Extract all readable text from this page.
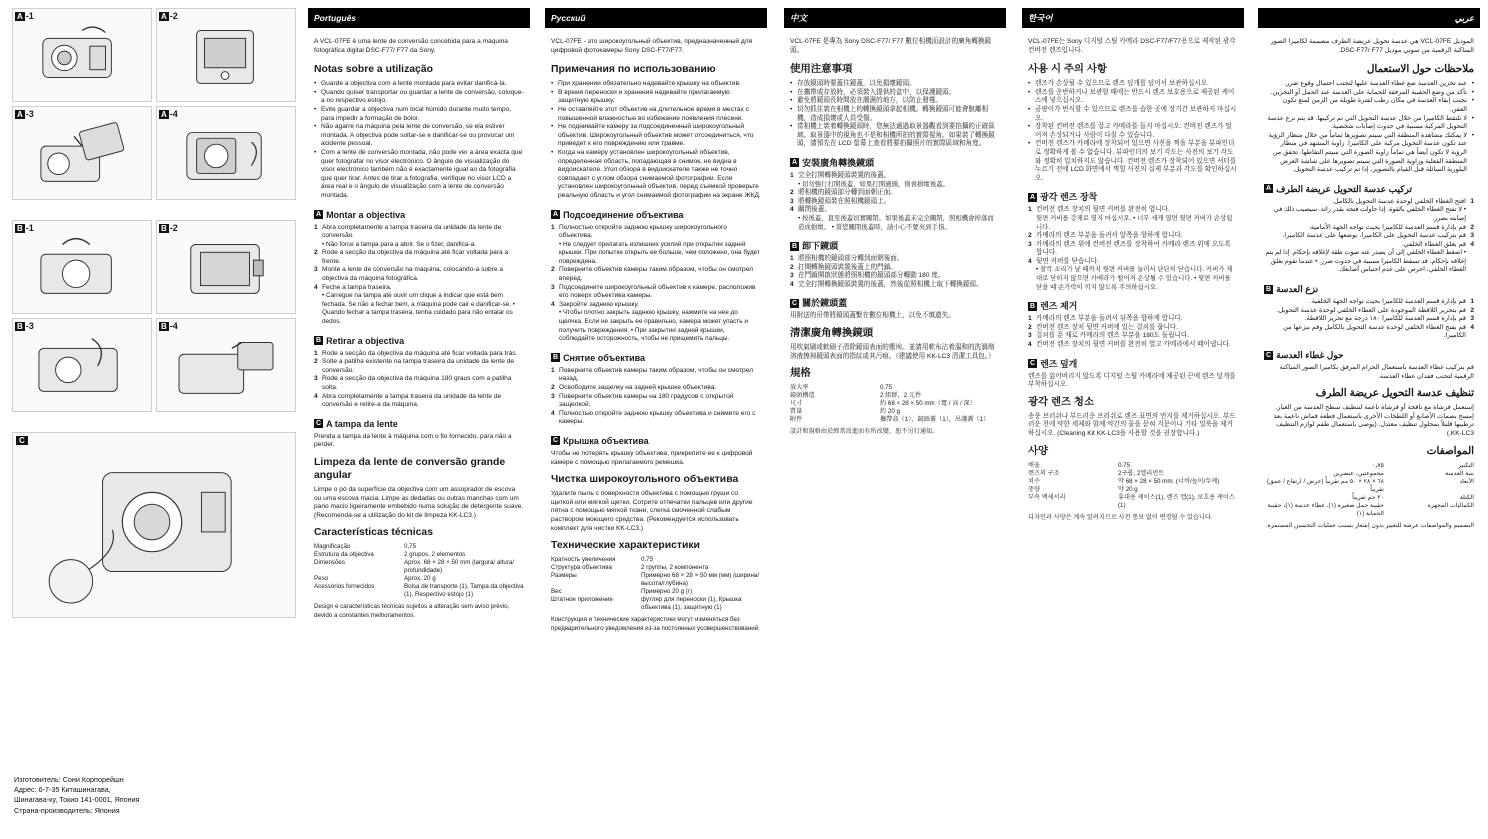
A -1	A -2
A -3	A -4
B -1	B -2
B -3	B -4
C
Изготовитель: Сони Корпорейшн
Адрес: 6-7-35 Киташинагава,
Шинагава-ку, Токио 141-0001, Япония
Страна-производитель: Япония
Português

A VCL-07FE é uma lente de conversão concebida para a máquina fotográfica digital DSC-F77/ F77 da Sony.

Notas sobre a utilização
• Guarde a objectiva com a lente montada para evitar danificá-la.
• Quando quiser transportar ou guardar a lente de conversão, coloque-a no respectivo estojo.
• Evite guardar a objectiva num local húmido durante muito tempo, para impedir a formação de bolor.
• Não agarre na máquina pela lente de conversão, se ela estiver montada. A objectiva pode soltar-se e danificar-se ou provocar um acidente pessoal.
• Com a lente de conversão montada, não pode ver a área exacta que quer fotografar no visor electrónico. O ângulo de visualização do visor electrónico também não é exactamente igual ao da fotografia que quer tirar. Antes de tirar a fotografia, verifique no visor LCD a área real e o ângulo de visualização com a lente de conversão montada.
A Montar a objectiva
1 Abra completamente a tampa traseira da unidade da lente de conversão.
• Não force a tampa para a abrir. Se o fizer, danifica-a.
2 Rode a secção da objectiva da máquina até ficar voltada para a frente.
3 Monte a lente de conversão na máquina, colocando-a sobre a objectiva da máquina fotográfica.
4 Feche a tampa traseira.
• Carregue na tampa até ouvir um clique a indicar que está bem fechada. Se não a fechar bem, a máquina pode cair e danificar-se. • Quando fechar a tampa traseira, tenha cuidado para não entalar os dedos.
B Retirar a objectiva
1 Rode a secção da objectiva da máquina até ficar voltada para trás.
2 Solte a patilha existente na tampa traseira da unidade da lente de conversão.
3 Rode a secção da objectiva da máquina 180 graus com a patilha solta.
4 Abra completamente a tampa traseira da unidade da lente de conversão e retire-a da máquina.
C A tampa da lente

Prenda a tampa da lente à máquina com o fio fornecido, para não a perder.

Limpeza da lente de conversão grande angular

Limpe o pó da superfície da objectiva com um assoprador de escova ou uma escova macia. Limpe as dedadas ou outras manchas com um pano macio ligeiramente embebido numa solução de detergente suave. (Recomenda-se a utilização do kit de limpeza KK-LC3.)

Características técnicas
Magnificação	0,75
Estrutura da objectiva	2 grupos, 2 elementos
Dimensões	Aprox. 68 × 28 × 50 mm (largura/ altura/ profundidade)
Peso	Aprox. 20 g
Acessórios fornecidos	Bolsa de transporte (1), Tampa da objectiva (1), Respectivo estojo (1)

Design e características técnicas sujeitos a alteração sem aviso prévio, devido a constantes melhoramentos.

Русский

VCL-07FE - это широкоугольный объектив, предназначенный для цифровой фотокамеры Sony DSC-F77/F77.

Примечания по использованию
• При хранении обязательно надевайте крышку на объектив.
• В время переноски и хранения надевайте прилагаемую защитную крышку.
• Не оставляйте этот объектив на длительное время в местах с повышенной влажностью во избежание появления плесени.
• Не поднимайте камеру за подсоединенный широкоугольный объектив. Широкоугольный объектив может отсоединиться, что приведет к его повреждению или травме.
• Когда на камеру установлен широкоугольный объектив, определенная область, попадающая в снимок, не видна в видоискателе. Угол обзора в видоискателе также не точно совпадает с углом обзора снимаемой фотографии. Если установлен широкоугольный объектив, перед съемкой проверьте реальную область и угол снимаемой фотографии на экране ЖКД.
A Подсоединение объектива
1 Полностью откройте заднюю крышку широкоугольного объектива.
• Не следует прилагать излишних усилий при открытии задней крышки. При попытке открыть ее больше, чем положено, она будет повреждена.
2 Поверните объектив камеры таким образом, чтобы он смотрел вперед.
3 Подсоедините широкоугольный объектив к камере, расположив его поверх объектива камеры.
4 Закройте заднюю крышку.
• Чтобы плотно закрыть заднюю крышку, нажмите на нее до щелчка. Если не закрыть ее правильно, камера может упасть и получить повреждения. • При закрытии задней крышки, соблюдайте осторожность, чтобы не прищемить пальцы.
B Снятие объектива
1 Поверните объектив камеры таким образом, чтобы он смотрел назад.
2 Освободите защелку на задней крышке объектива.
3 Поверните объектив камеры на 180 градусов с открытой защелкой.
4 Полностью откройте заднюю крышку объектива и снимите его с камеры.
C Крышка объектива

Чтобы не потерять крышку объектива, прикрепите ее к цифровой камере с помощью прилагаемого ремешка.

Чистка широкоугольного объектива

Удалите пыль с поверхности объектива с помощью груши со щеткой или мягкой щетки. Сотрите отпечатки пальцев или другие пятна с помощью мягкой ткани, слегка смоченной слабым раствором моющего средства. (Рекомендуется использовать комплект для чистки KK-LC3.)

Технические характеристики
Кратность увеличения	0,75
Структура объектива	2 группы, 2 компонента
Размеры	Примерно 68 × 28 × 50 мм (мм) (ширина/высота/глубина)
Вес	Примерно 20 g (г)
Штатное приложение	футляр для переноски (1), Крышка объектива (1), защитную (1)

Конструкция и технические характеристики могут изменяться без предварительного уведомления из-за постоянных усовершенствований.

中文

VCL-07FE 是專為 Sony DSC-F77/ F77 數位相機而設計的廣角轉換鏡頭。

使用注意事項
• 存放鏡頭時要蓋住鏡蓋，以免損壞鏡頭。
• 在攜帶或存放時，必須裝入提供的盒中，以保護鏡頭。
• 避免將鏡頭長時間放在潮濕的地方，以防止發霉。
• 切勿抓住裝在相機上的轉換鏡頭拿起相機。轉換鏡頭可能會脫離相機，造成損壞或人員受傷。
• 當相機上裝着轉換鏡頭時，您無法通過取景器觀看到要拍攝的正確區域。取景器中的視角也不是和相機所拍的實際視角。如果裝了轉換鏡頭，請預先在 LCD 螢幕上查看將要拍攝照片的實際區域和角度。
A 安裝廣角轉換鏡頭
1 完全打開轉換鏡頭裝置的後蓋。
• 切勿強行打開後蓋，如果打開過頭，則會損壞後蓋。
2 將相機的鏡頭部分轉到面朝正面。
3 將轉換鏡頭裝在照相機鏡頭上。
4 關閉後蓋。
• 按後蓋，直至後蓋切實關閉。如果後蓋未完全關閉，照相機會掉落而造成損壞。 • 當您關閉後蓋時，請小心不要夾到手指。
B 卸下鏡頭
1 將照相機的鏡頭部分轉到面朝後面。
2 打開轉換鏡頭裝置後蓋上的門鎖。
3 在鬥鎖開啟狀態將照相機的鏡頭部分轉動 180 度。
4 完全打開轉換鏡頭裝置的後蓋，然後從照相機上取下轉換鏡頭。
C 關於鏡頭蓋

用附送的吊帶將鏡頭蓋繫在數位相機上，以免不慎遺失。

清潔廣角轉換鏡頭

用吹氣刷或軟刷子清除鏡頭表面的塵埃。並請用軟布沾着溫和的洗滌劑溶液擦掉鏡頭表面的指紋或其污痕。（建議使用 KK-LC3 清潔工具包。）

規格
放大率	0.75
鏡頭構造	2 組群，2 元件
尺寸	約 68 × 28 × 50 mm（寬 / 高 / 深）
質量	約 20 g
附件	攜帶盒（1），鏡頭蓋（1），吊護蓋（1）

設計和規格由於經常改進而有所改變，恕不另行通知。

한국어

VCL-07FE는 Sony 디지털 스틸 카메라 DSC-F77/F77용으로 제작된 광각 컨버전 렌즈입니다.

사용 시 주의 사항
• 렌즈가 손상될 수 있으므로 렌즈 덮개를 덮어서 보관하십시오.
• 렌즈를 운반하거나 보관할 때에는 반드시 렌즈 보호용으로 제공된 케이스에 넣으십시오.
• 곰팡이가 번식할 수 있으므로 렌즈를 습한 곳에 장기간 보관하지 마십시오.
• 장착된 컨버전 렌즈를 잡고 카메라를 들지 마십시오. 컨버전 렌즈가 떨어져 손상되거나 사람이 다칠 수 있습니다.
• 컨버전 렌즈가 카메라에 장착되어 있으면 사진을 찍을 부분을 뷰파인더로 정확하게 볼 수 없습니다. 뷰파인더의 보기 각도는 사진의 보기 각도와 정확히 일치하지도 않습니다. 컨버전 렌즈가 장착되어 있으면 셔터를 누르기 전에 LCD 화면에서 찍힐 사진의 실제 부분과 각도를 확인하십시오.
A 광각 렌즈 장착
1 컨버전 렌즈 장치의 뒷면 커버를 완전히 엽니다.
뒷면 커버를 강제로 열지 마십시오. • 너무 세게 열면 뒷면 커버가 손상됩니다.
2 카메라의 렌즈 부분을 돌려서 앞쪽을 향하게 합니다.
3 카메라의 렌즈 위에 컨버전 렌즈를 장착하여 카메라 렌즈 위에 오도록 합니다.
4 뒷면 커버를 닫습니다.
• 찰칵 소리가 날 때까지 뒷면 커버를 눌러서 단단히 닫습니다. 커버가 제대로 닫히지 않으면 카메라가 떨어져 손상될 수 있습니다. • 뒷면 커버를 닫을 때 손가락이 끼지 않도록 주의하십시오.
B 렌즈 제거
1 카메라의 렌즈 부분을 돌려서 뒤쪽을 향하게 합니다.
2 컨버전 렌즈 장치 뒷면 커버에 있는 걸쇠를 풉니다.
3 걸쇠를 푼 채로 카메라의 렌즈 부분을 180도 돌립니다.
4 컨버전 렌즈 장치의 뒷면 커버를 완전히 열고 카메라에서 떼어냅니다.
C 렌즈 덮개

렌즈를 잃어버리지 않도록 디지털 스틸 카메라에 제공된 끈에 렌즈 덮개를 부착하십시오.

광각 렌즈 청소

송풍 브러쉬나 부드러운 브러쉬로 렌즈 표면의 먼지를 제거하십시오. 부드러운 천에 약한 세제와 함께 약간의 물을 묻혀 지문이나 기타 얼룩을 제거하십시오. (Cleaning Kit KK-LC3을 사용할 것을 권장합니다.)

사양
배율	0.75
렌즈의 구조	2구룹, 2엘리먼트
치수	약 68 × 28 × 50 mm. (너비/높이/두께)
중량	약 20 g
부속 액세서리	휴대용 케이스(1), 렌즈 캡(1), 보호용 케이스(1)

디자인과 사양은 계속 알려지므로 사전 통보 없이 변경될 수 있습니다.

عربي

الموديل VCL-07FE هي عدسة تحويل عريضة الطرف مصممة لكاميرا الصور الساكنة الرقمية من سوني موديل DSC-F77/ F77.

ملاحظات حول الاستعمال
• عند تخزين العدسة ضع غطاء العدسة عليها لتجنب احتمال وقوع ضرر.
• تأكد من وضع الحقيبة المرفقة للحماية على العدسة عند الحمل أو التخزين.
• تجنب إبقاء العدسة في مكان رطب لفترة طويلة من الزمن لمنع تكون العفن.
• لا تلتقط الكاميرا من خلال عدسة التحويل التي تم تركيبها. قد يتم نزع عدسة التحويل المركبة مسببة في حدوث إصابات شخصية.
• لا يمكنك مشاهدة المنطقة التي سيتم تصويرها تماماً من خلال منظار الرؤية عند تكون عدسة التحويل مركبة على الكاميرا. زاوية المشهد في منظار الرؤية لا تكون أيضاً هي تماماً زاوية الصورة التي سيتم التقاطها. تحقق من المنطقة الفعلية وزاوية الصورة التي سيتم تصويرها على شاشة العرض البلورية السائلة قبل القيام بالتصوير، إذا تم تركيب عدسة التحويل.
A تركيب عدسة التحويل عريضة الطرف
1
افتح الغطاء الخلفي لوحدة عدسة التحويل بالكامل.
• لا تفتح الغطاء الخلفي بالقوة. إذا حاولت فتحه بقدر زائد، سيصيب ذلك في إصابته بضرر.
2
قم بإدارة قسم العدسة للكاميرا بحيث تواجه الجهة الأمامية.
3
قم بتركيب عدسة التحويل على الكاميرا، بوضعها على عدسة الكاميرا.
4
قم بغلق الغطاء الخلفي.
• اضغط الغطاء الخلفي إلى أن يصدر عنه صوت طقة لإغلاقه بإحكام. إذا لم يتم إغلاقه بإحكام، قد تسقط الكاميرا مسببة في حدوث ضرر. • عندما تقوم بغلق الغطاء الخلفي، احرص على عدم احتباس أصابعك.
B نزع العدسة
1
قم بإدارة قسم العدسة للكاميرا بحيث تواجه الجهة الخلفية.
2
قم بتحرير اللاقطة الموجودة على الغطاء الخلفي لوحدة عدسة التحويل.
3
قم بإدارة قسم العدسة للكاميرا ١٨٠ درجة مع تحرير اللاقطة.
4
قم بفتح الغطاء الخلفي لوحدة عدسة التحويل بالكامل وقم بنزعها من الكاميرا.
C حول غطاء العدسة

قم بتركيب غطاء العدسة باستعمال الحزام المرفق بكاميرا الصور الساكنة الرقمية لتجنب فقدان غطاء العدسة.

تنظيف عدسة التحويل عريضة الطرف

إستعمل فرشاة مع نافخة أو فرشاة ناعمة لتنظيف سطح العدسة من الغبار. إمسح بصمات الأصابع أو اللطخات الأخرى باستعمال قطعة قماش ناعمة بعد ترطيبها قليلاً بمحلول تنظيف معتدل. (يوصى باستعمال طقم لوازم التنظيف KK-LC3.)

المواصفات
التكبير	٠٫٧٥
بنية العدسة	مجموعتين، عنصرين
الأبعاد	٦٨ × ٢٨ × ٥٠ مم تقريباً (عرض / ارتفاع / عمق) تقريباً
الكتلة	٢٠ جم تقريباً
الكماليات المجهزة	حقيبة حمل صغيرة (١)، غطاء عدسة (١)، حقيبة الحماية (١)

التصميم والمواصفات عرضة للتغيير بدون إشعار بسبب عمليات التحسين المستمرة.
